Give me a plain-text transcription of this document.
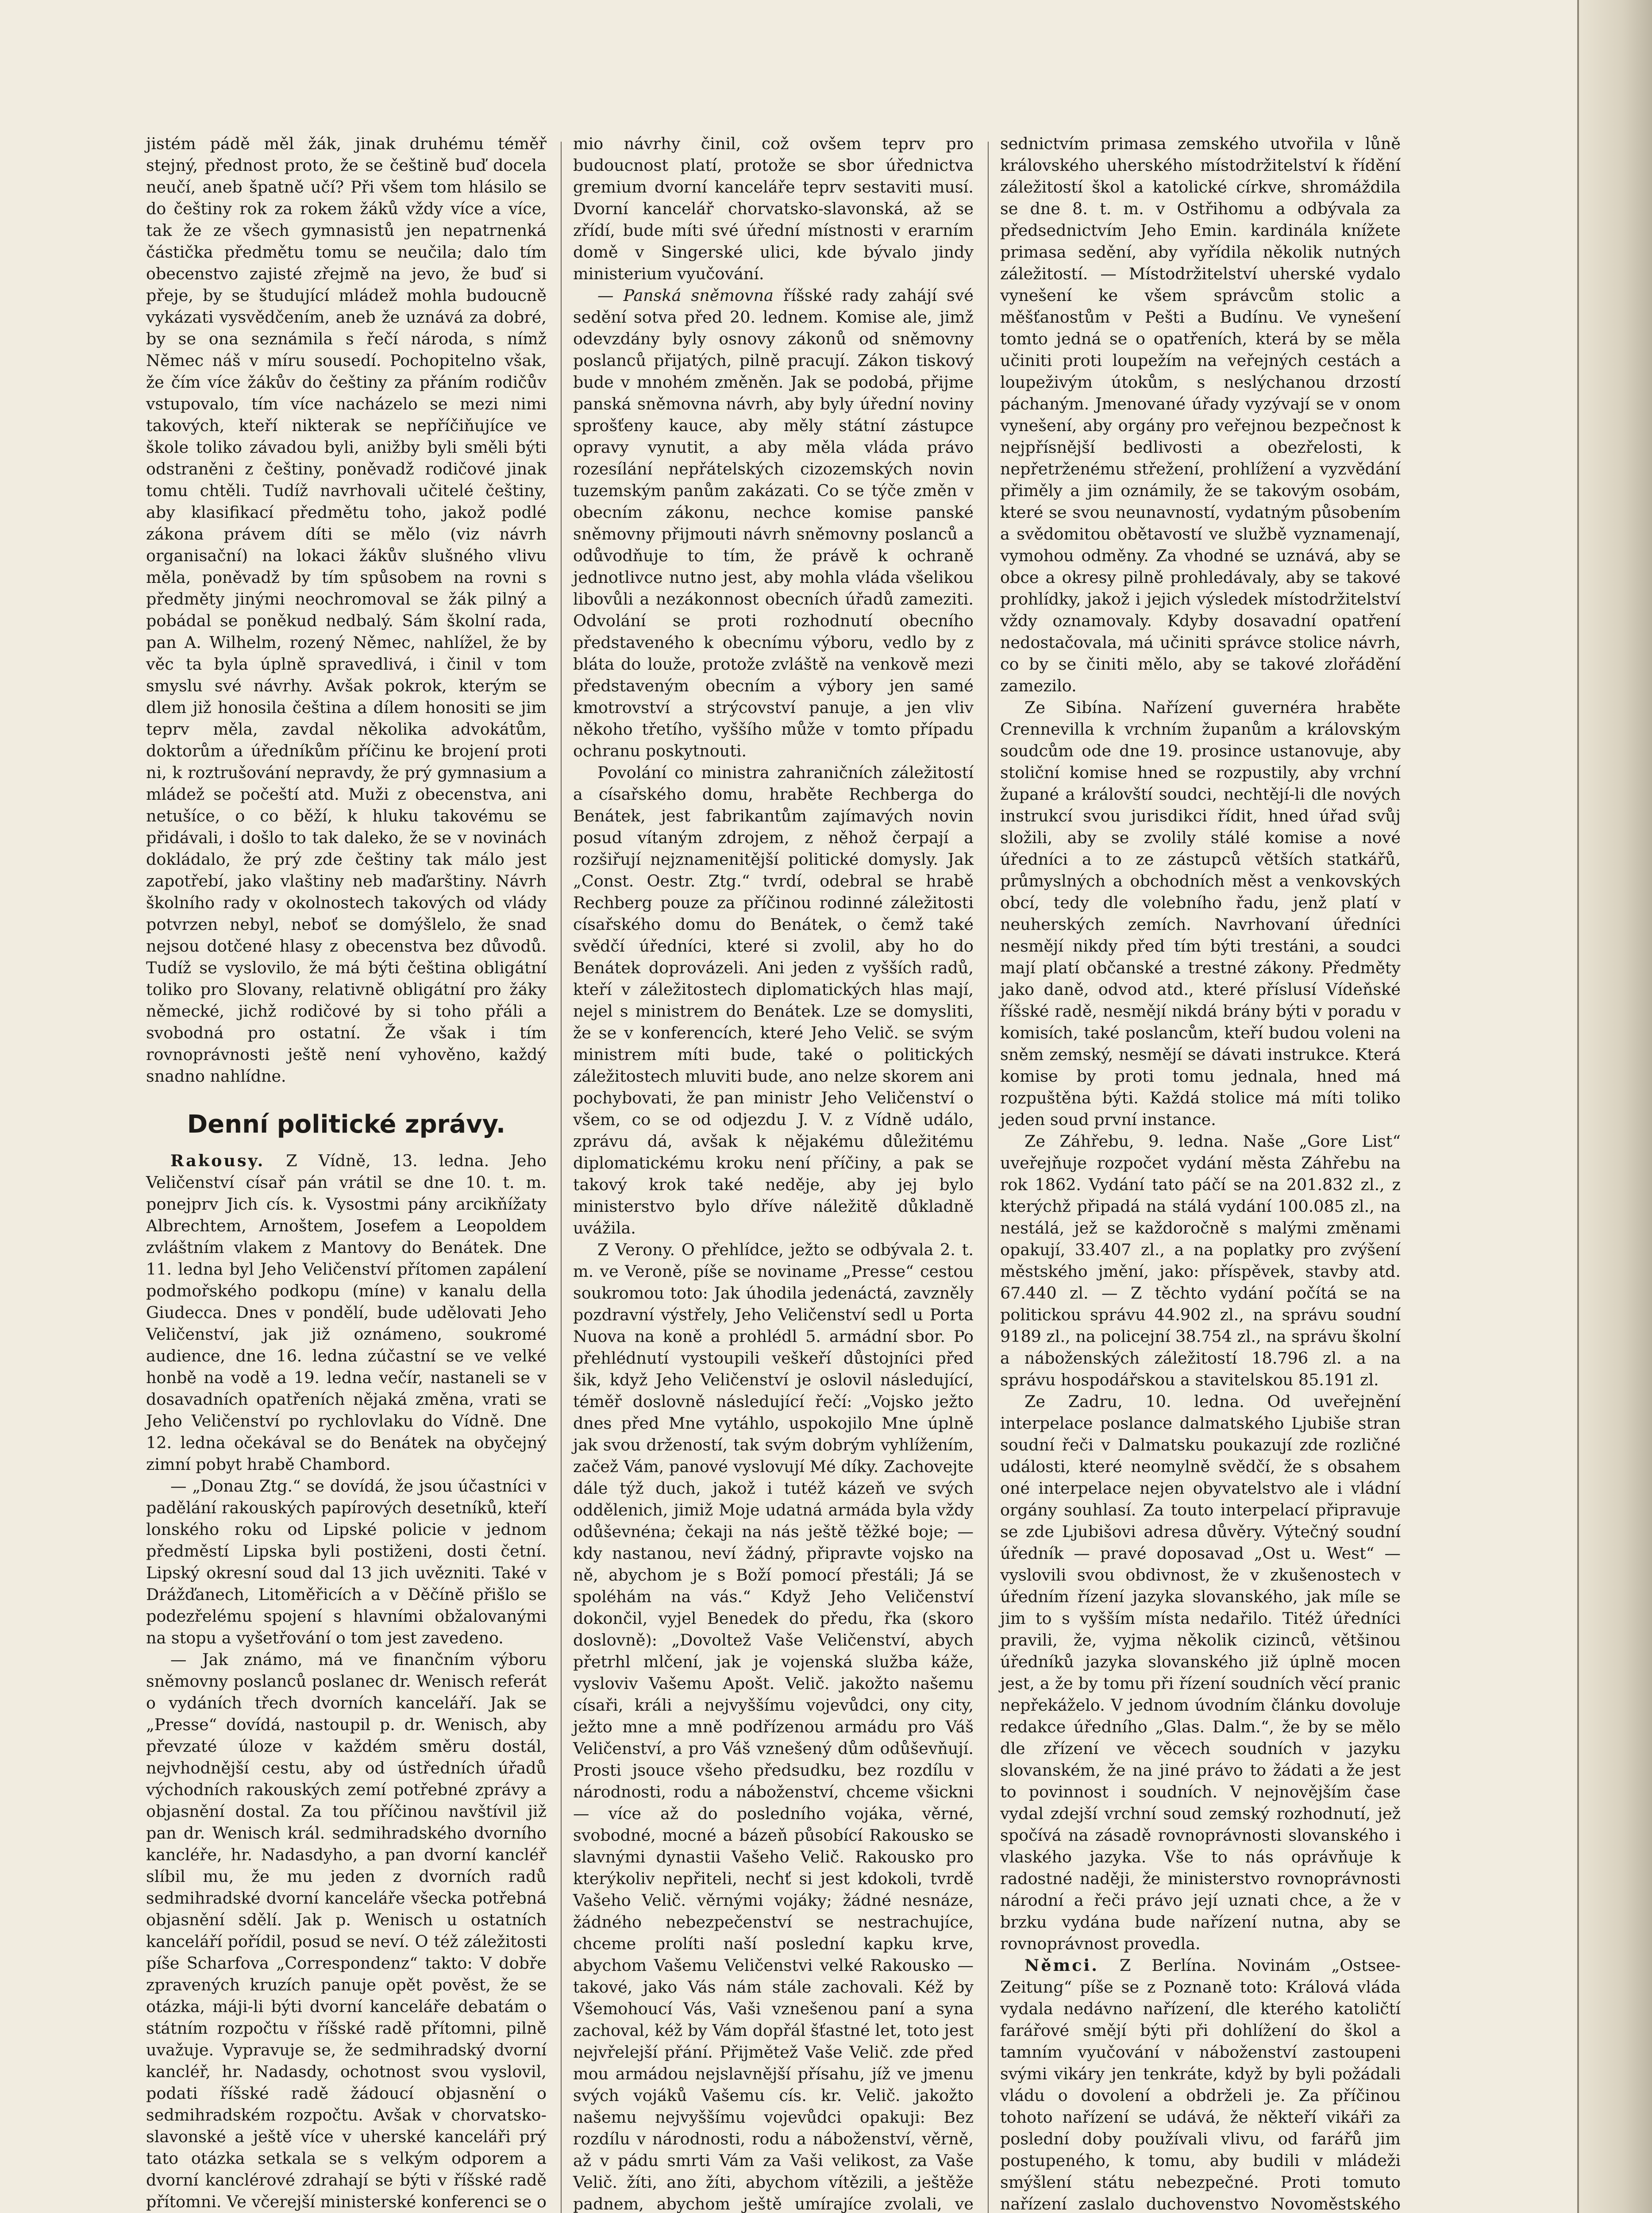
jistém pádě měl žák, jinak druhému téměř stejný, přednost proto, že se češtině buď docela neučí, aneb špatně učí? Při všem tom hlásilo se do češtiny rok za rokem žáků vždy více a více, tak že ze všech gymnasistů jen nepatrnenká částička předmětu tomu se neučila; dalo tím obecenstvo zajisté zřejmě na jevo, že buď si přeje, by se študující mládež mohla budoucně vykázati vysvědčením, aneb že uznává za dobré, by se ona seznámila s řečí národa, s nímž Němec náš v míru sousedí. Pochopitelno však, že čím více žákův do češtiny za přáním rodičův vstupovalo, tím více nacházelo se mezi nimi takových, kteří nikterak se nepříčiňujíce ve škole toliko závadou byli, anižby byli směli býti odstraněni z češtiny, poněvadž rodičové jinak tomu chtěli. Tudíž navrhovali učitelé češtiny, aby klasifikací předmětu toho, jakož podlé zákona právem díti se mělo (viz návrh organisační) na lokaci žákův slušného vlivu měla, poněvadž by tím spůsobem na rovni s předměty jinými neochromoval se žák pilný a pobádal se poněkud nedbalý. Sám školní rada, pan A. Wilhelm, rozený Němec, nahlížel, že by věc ta byla úplně spravedlivá, i činil v tom smyslu své návrhy. Avšak pokrok, kterým se dlem již honosila čeština a dílem honositi se jim teprv měla, zavdal několika advokátům, doktorům a úředníkům příčinu ke brojení proti ni, k roztrušování nepravdy, že prý gymnasium a mládež se počeští atd. Muži z obecenstva, ani netušíce, o co běží, k hluku takovému se přidávali, i došlo to tak daleko, že se v novinách dokládalo, že prý zde češtiny tak málo jest zapotřebí, jako vlaštiny neb maďarštiny. Návrh školního rady v okolnostech takových od vlády potvrzen nebyl, neboť se domýšlelo, že snad nejsou dotčené hlasy z obecenstva bez důvodů. Tudíž se vyslovilo, že má býti čeština obligátní toliko pro Slovany, relativně obligátní pro žáky německé, jichž rodičové by si toho přáli a svobodná pro ostatní. Že však i tím rovnoprávnosti ještě není vyhověno, každý snadno nahlídne.

Denní politické zprávy.

Rakousy. Z Vídně, 13. ledna. Jeho Veličenství císař pán vrátil se dne 10. t. m. ponejprv Jich cís. k. Vysostmi pány arcikňížaty Albrechtem, Arnoštem, Josefem a Leopoldem zvláštním vlakem z Mantovy do Benátek. Dne 11. ledna byl Jeho Veličenství přítomen zapálení podmořského podkopu (míne) v kanalu della Giudecca. Dnes v pondělí, bude udělovati Jeho Veličenství, jak již oznámeno, soukromé audience, dne 16. ledna zúčastní se ve velké honbě na vodě a 19. ledna večír, nastaneli se v dosavadních opatřeních nějaká změna, vrati se Jeho Veličenství po rychlovlaku do Vídně. Dne 12. ledna očekával se do Benátek na obyčejný zimní pobyt hrabě Chambord.

— „Donau Ztg.“ se dovídá, že jsou účastníci v padělání rakouských papírových desetníků, kteří lonského roku od Lipské policie v jednom předměstí Lipska byli postiženi, dosti četní. Lipský okresní soud dal 13 jich uvězniti. Také v Drážďanech, Litoměřicích a v Děčíně přišlo se podezřelému spojení s hlavními obžalovanými na stopu a vyšetřování o tom jest zavedeno.

— Jak známo, má ve finančním výboru sněmovny poslanců poslanec dr. Wenisch referát o vydáních třech dvorních kanceláří. Jak se „Presse“ dovídá, nastoupil p. dr. Wenisch, aby převzaté úloze v každém směru dostál, nejvhodnější cestu, aby od ústředních úřadů východních rakouských zemí potřebné zprávy a objasnění dostal. Za tou příčinou navštívil již pan dr. Wenisch král. sedmihradského dvorního kancléře, hr. Nadasdyho, a pan dvorní kancléř slíbil mu, že mu jeden z dvorních radů sedmihradské dvorní kanceláře všecka potřebná objasnění sdělí. Jak p. Wenisch u ostatních kanceláří pořídil, posud se neví. O též záležitosti píše Scharfova „Correspondenz“ takto: V dobře zpravených kruzích panuje opět pověst, že se otázka, máji-li býti dvorní kanceláře debatám o státním rozpočtu v říšské radě přítomni, pilně uvažuje. Vypravuje se, že sedmihradský dvorní kancléř, hr. Nadasdy, ochotnost svou vyslovil, podati říšské radě žádoucí objasnění o sedmihradském rozpočtu. Avšak v chorvatsko-slavonské a ještě více v uherské kanceláři prý tato otázka setkala se s velkým odporem a dvorní kanclérové zdrahají se býti v říšské radě přítomni. Ve včerejší ministerské konferenci se o

mio návrhy činil, což ovšem teprv pro budoucnost platí, protože se sbor úřednictva gremium dvorní kanceláře teprv sestaviti musí. Dvorní kancelář chorvatsko-slavonská, až se zřídí, bude míti své úřední místnosti v erarním domě v Singerské ulici, kde bývalo jindy ministerium vyučování.

— Panská sněmovna říšské rady zahájí své sedění sotva před 20. lednem. Komise ale, jimž odevzdány byly osnovy zákonů od sněmovny poslanců přijatých, pilně pracují. Zákon tiskový bude v mnohém změněn. Jak se podobá, přijme panská sněmovna návrh, aby byly úřední noviny sprošťeny kauce, aby měly státní zástupce opravy vynutit, a aby měla vláda právo rozesílání nepřátelských cizozemských novin tuzemským panům zakázati. Co se týče změn v obecním zákonu, nechce komise panské sněmovny přijmouti návrh sněmovny poslanců a odůvodňuje to tím, že právě k ochraně jednotlivce nutno jest, aby mohla vláda všelikou libovůli a nezákonnost obecních úřadů zameziti. Odvolání se proti rozhodnutí obecního představeného k obecnímu výboru, vedlo by z bláta do louže, protože zvláště na venkově mezi představeným obecním a výbory jen samé kmotrovství a strýcovství panuje, a jen vliv někoho třetího, vyššího může v tomto případu ochranu poskytnouti.

Povolání co ministra zahraničních záležitostí a císařského domu, hraběte Rechberga do Benátek, jest fabrikantům zajímavých novin posud vítaným zdrojem, z něhož čerpají a rozšiřují nejznamenitější politické domysly. Jak „Const. Oestr. Ztg.“ tvrdí, odebral se hrabě Rechberg pouze za příčinou rodinné záležitosti císařského domu do Benátek, o čemž také svědčí úředníci, které si zvolil, aby ho do Benátek doprovázeli. Ani jeden z vyšších radů, kteří v záležitostech diplomatických hlas mají, nejel s ministrem do Benátek. Lze se domysliti, že se v konferencích, které Jeho Velič. se svým ministrem míti bude, také o politických záležitostech mluviti bude, ano nelze skorem ani pochybovati, že pan ministr Jeho Veličenství o všem, co se od odjezdu J. V. z Vídně událo, zprávu dá, avšak k nějakému důležitému diplomatickému kroku není příčiny, a pak se takový krok také neděje, aby jej bylo ministerstvo bylo dříve náležitě důkladně uvážila.

Z Verony. O přehlídce, ježto se odbývala 2. t. m. ve Veroně, píše se noviname „Presse“ cestou soukromou toto: Jak úhodila jedenáctá, zavzněly pozdravní výstřely, Jeho Veličenství sedl u Porta Nuova na koně a prohlédl 5. armádní sbor. Po přehlédnutí vystoupili veškeří důstojníci před šik, když Jeho Veličenství je oslovil následující, téměř doslovně následující řečí: „Vojsko ježto dnes před Mne vytáhlo, uspokojilo Mne úplně jak svou držeností, tak svým dobrým vyhlížením, začež Vám, panové vyslovují Mé díky. Zachovejte dále týž duch, jakož i tutéž kázeň ve svých oddělenich, jimiž Moje udatná armáda byla vždy odůševnéna; čekaji na nás ještě těžké boje; — kdy nastanou, neví žádný, připravte vojsko na ně, abychom je s Boží pomocí přestáli; Já se spoléhám na vás.“ Když Jeho Veličenství dokončil, vyjel Benedek do předu, řka (skoro doslovně): „Dovoltež Vaše Veličenství, abych přetrhl mlčení, jak je vojenská služba káže, vysloviv Vašemu Apošt. Velič. jakožto našemu císaři, králi a nejvyššímu vojevůdci, ony city, ježto mne a mně podřízenou armádu pro Váš Veličenství, a pro Váš vznešený dům odůševňují. Prosti jsouce všeho předsudku, bez rozdílu v národnosti, rodu a náboženství, chceme všickni — více až do posledního vojáka, věrné, svobodné, mocné a bázeň působící Rakousko se slavnými dynastii Vašeho Velič. Rakousko pro kterýkoliv nepřiteli, nechť si jest kdokoli, tvrdě Vašeho Velič. věrnými vojáky; žádné nesnáze, žádného nebezpečenství se nestrachujíce, chceme prolíti naší poslední kapku krve, abychom Vašemu Veličenstvi velké Rakousko — takové, jako Vás nám stále zachovali. Kéž by Všemohoucí Vás, Vaši vznešenou paní a syna zachoval, kéž by Vám dopřál šťastné let, toto jest nejvřelejší přání. Přijmětež Vaše Velič. zde před mou armádou nejslavnější přísahu, jíž ve jmenu svých vojáků Vašemu cís. kr. Velič. jakožto našemu nejvyššímu vojevůdci opakuji: Bez rozdílu v národnosti, rodu a náboženství, věrně, až v pádu smrti Vám za Vaši velikost, za Vaše Velič. žíti, ano žíti, abychom vítězili, a ještěže padnem, abychom ještě umírajíce zvolali, ve

sednictvím primasa zemského utvořila v lůně královského uherského místodržitelství k řídění záležitostí škol a katolické církve, shromáždila se dne 8. t. m. v Ostřihomu a odbývala za předsednictvím Jeho Emin. kardinála knížete primasa sedění, aby vyřídila několik nutných záležitostí. — Místodržitelství uherské vydalo vynešení ke všem správcům stolic a měšťanostům v Pešti a Budínu. Ve vynešení tomto jedná se o opatřeních, která by se měla učiniti proti loupežím na veřejných cestách a loupeživým útokům, s neslýchanou drzostí páchaným. Jmenované úřady vyzývají se v onom vynešení, aby orgány pro veřejnou bezpečnost k nejpřísnější bedlivosti a obezřelosti, k nepřetrženému střežení, prohlížení a vyzvědání přiměly a jim oznámily, že se takovým osobám, které se svou neunavností, vydatným působením a svědomitou obětavostí ve službě vyznamenají, vymohou odměny. Za vhodné se uznává, aby se obce a okresy pilně prohledávaly, aby se takové prohlídky, jakož i jejich výsledek místodržitelství vždy oznamovaly. Kdyby dosavadní opatření nedostačovala, má učiniti správce stolice návrh, co by se činiti mělo, aby se takové zlořádění zamezilo.

Ze Sibína. Nařízení guvernéra hraběte Crennevilla k vrchním županům a královským soudcům ode dne 19. prosince ustanovuje, aby stoliční komise hned se rozpustily, aby vrchní župané a královští soudci, nechtějí-li dle nových instrukcí svou jurisdikci řídit, hned úřad svůj složili, aby se zvolily stálé komise a nové úředníci a to ze zástupců větších statkářů, průmyslných a obchodních měst a venkovských obcí, tedy dle volebního řadu, jenž platí v neuherských zemích. Navrhovaní úředníci nesmějí nikdy před tím býti trestáni, a soudci mají platí občanské a trestné zákony. Předměty jako daně, odvod atd., které příslusí Vídeňské říšské radě, nesmějí nikdá brány býti v poradu v komisích, také poslancům, kteří budou voleni na sněm zemský, nesmějí se dávati instrukce. Která komise by proti tomu jednala, hned má rozpuštěna býti. Každá stolice má míti toliko jeden soud první instance.

Ze Záhřebu, 9. ledna. Naše „Gore List“ uveřejňuje rozpočet vydání města Záhřebu na rok 1862. Vydání tato páčí se na 201.832 zl., z kterýchž připadá na stálá vydání 100.085 zl., na nestálá, jež se každoročně s malými změnami opakují, 33.407 zl., a na poplatky pro zvýšení městského jmění, jako: příspěvek, stavby atd. 67.440 zl. — Z těchto vydání počítá se na politickou správu 44.902 zl., na správu soudní 9189 zl., na policejní 38.754 zl., na správu školní a náboženských záležitostí 18.796 zl. a na správu hospodářskou a stavitelskou 85.191 zl.

Ze Zadru, 10. ledna. Od uveřejnění interpelace poslance dalmatského Ljubiše stran soudní řeči v Dalmatsku poukazují zde rozličné události, které neomylně svědčí, že s obsahem oné interpelace nejen obyvatelstvo ale i vládní orgány souhlasí. Za touto interpelací připravuje se zde Ljubišovi adresa důvěry. Výtečný soudní úředník — pravé doposavad „Ost u. West“ — vyslovili svou obdivnost, že v zkušenostech v úředním řízení jazyka slovanského, jak míle se jim to s vyšším místa nedařilo. Titéž úředníci pravili, že, vyjma několik cizinců, většinou úředníků jazyka slovanského již úplně mocen jest, a že by tomu při řízení soudních věcí pranic nepřekáželo. V jednom úvodním článku dovoluje redakce úředního „Glas. Dalm.“, že by se mělo dle zřízení ve věcech soudních v jazyku slovanském, že na jiné právo to žádati a že jest to povinnost i soudních. V nejnovějším čase vydal zdejší vrchní soud zemský rozhodnutí, jež spočívá na zásadě rovnoprávnosti slovanského i vlaského jazyka. Vše to nás oprávňuje k radostné naději, že ministerstvo rovnoprávnosti národní a řeči právo její uznati chce, a že v brzku vydána bude nařízení nutna, aby se rovnoprávnost provedla.

Němci. Z Berlína. Novinám „Ostsee-Zeitung“ píše se z Poznaně toto: Králová vláda vydala nedávno nařízení, dle kterého katoličtí farářové smějí býti při dohlížení do škol a tamním vyučování v náboženství zastoupeni svými vikáry jen tenkráte, když by byli požádali vládu o dovolení a obdrželi je. Za příčinou tohoto nařízení se udává, že někteří vikáři za poslední doby používali vlivu, od farářů jim postupeného, k tomu, aby budili v mládeži smýšlení státu nebezpečné. Proti tomuto nařízení zaslalo duchovenstvo Novoměstského
